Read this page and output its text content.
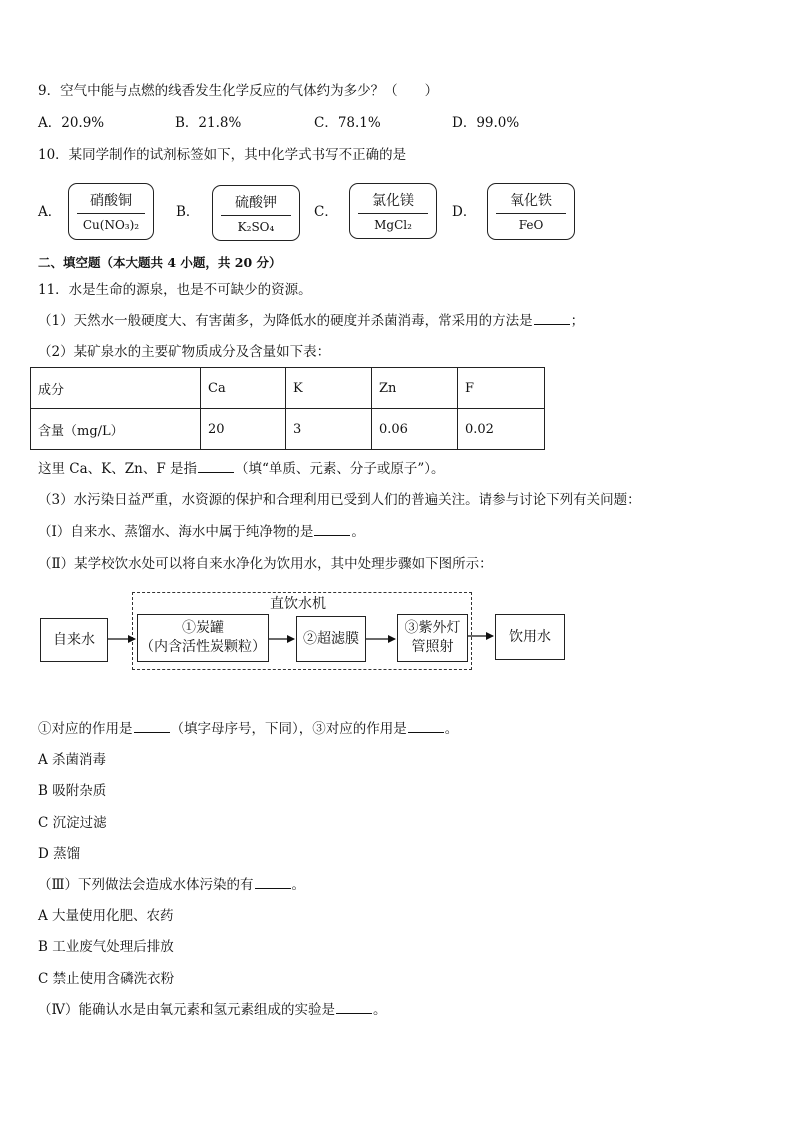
9．空气中能与点燃的线香发生化学反应的气体约为多少？（　　）
A．20.9%	B．21.8%	C．78.1%	D．99.0%
10．某同学制作的试剂标签如下，其中化学式书写不正确的是
A．
硝酸铜
Cu(NO₃)₂
B．
硫酸钾
K₂SO₄
C．
氯化镁
MgCl₂
D．
氧化铁
FeO
二、填空题（本大题共 4 小题，共 20 分）
11．水是生命的源泉，也是不可缺少的资源。
（1）天然水一般硬度大、有害菌多，为降低水的硬度并杀菌消毒，常采用的方法是	；
（2）某矿泉水的主要矿物质成分及含量如下表：
成分	Ca	K	Zn	F
含量（mg/L）	20	3	0.06	0.02
这里 Ca、K、Zn、F 是指	（填“单质、元素、分子或原子”）。
（3）水污染日益严重，水资源的保护和合理利用已受到人们的普遍关注。请参与讨论下列有关问题：
（Ⅰ）自来水、蒸馏水、海水中属于纯净物的是	。
（Ⅱ）某学校饮水处可以将自来水净化为饮用水，其中处理步骤如下图所示：
直饮水机
自来水
①炭罐
（内含活性炭颗粒）
②超滤膜
③紫外灯
管照射
饮用水
①对应的作用是	（填字母序号，下同），③对应的作用是	。
A 杀菌消毒
B 吸附杂质
C 沉淀过滤
D 蒸馏
（Ⅲ）下列做法会造成水体污染的有	。
A 大量使用化肥、农药
B 工业废气处理后排放
C 禁止使用含磷洗衣粉
（Ⅳ）能确认水是由氧元素和氢元素组成的实验是	。
